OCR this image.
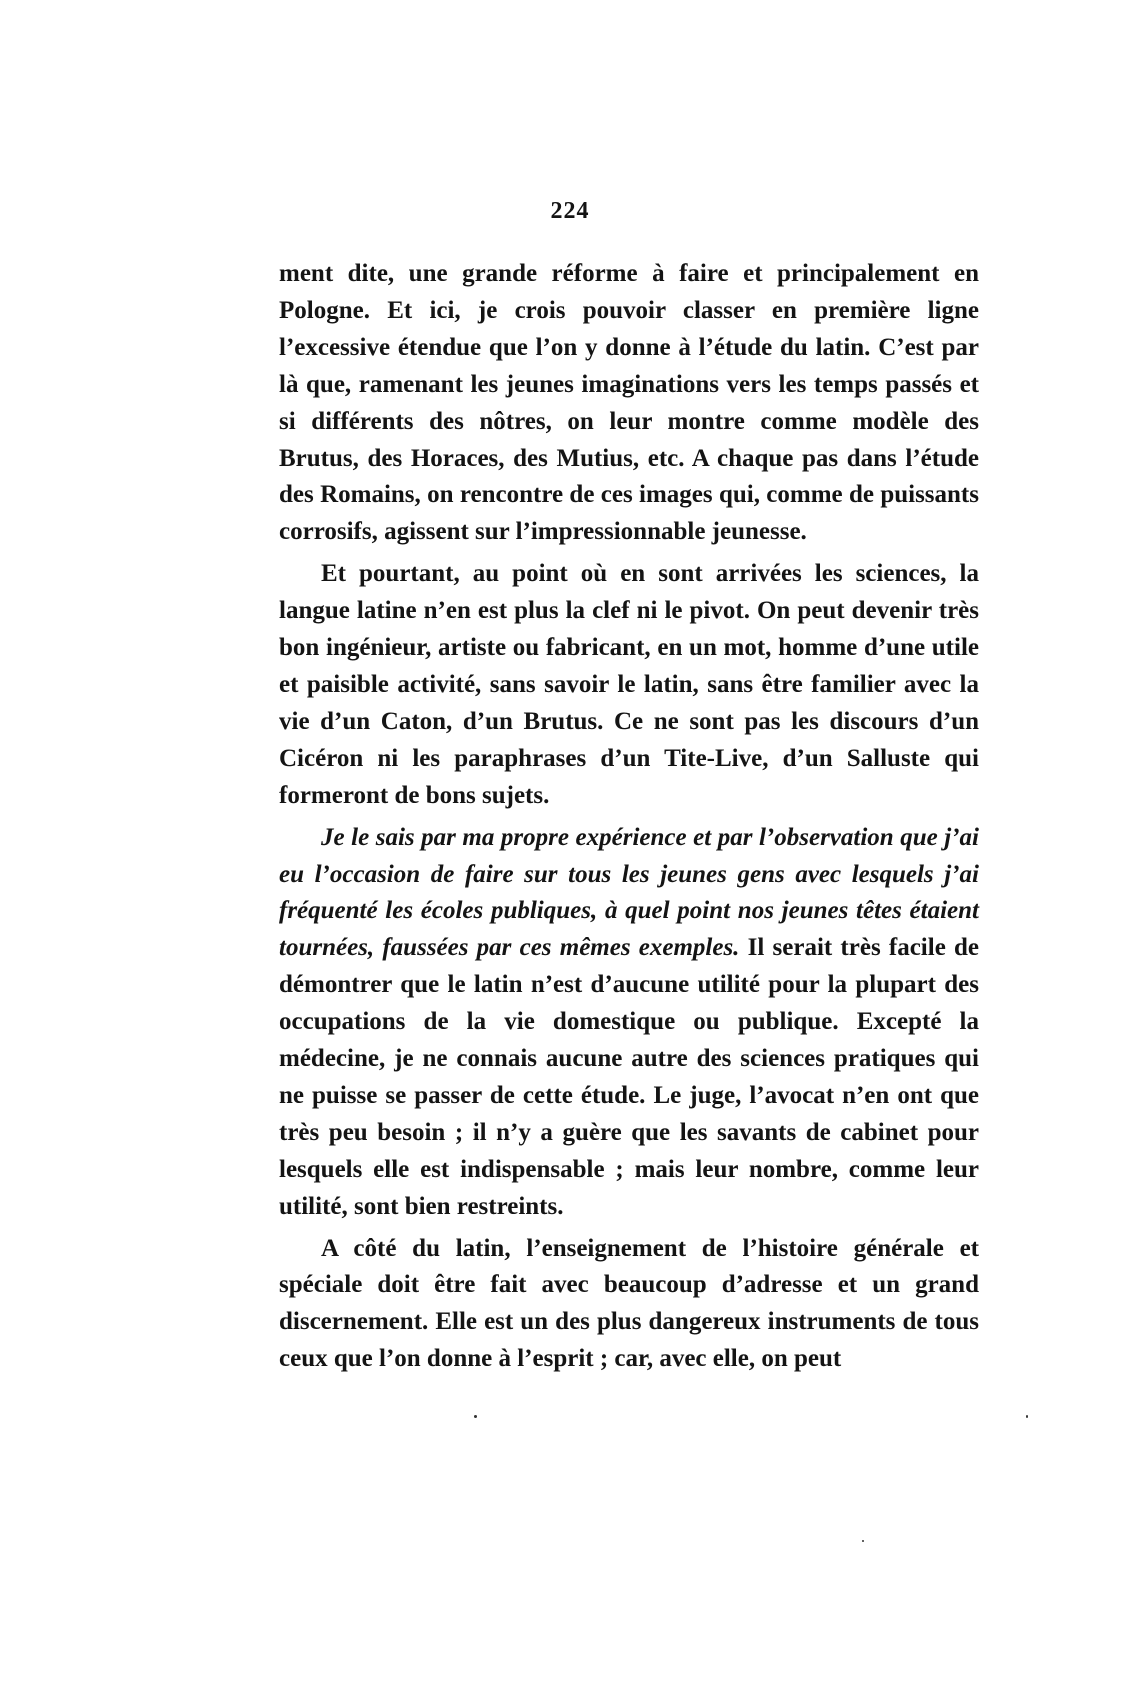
224

ment dite, une grande réforme à faire et principalement en Pologne. Et ici, je crois pouvoir classer en première ligne l’excessive étendue que l’on y donne à l’étude du latin. C’est par là que, ramenant les jeunes imaginations vers les temps passés et si différents des nôtres, on leur montre comme modèle des Brutus, des Horaces, des Mutius, etc. A chaque pas dans l’étude des Romains, on rencontre de ces images qui, comme de puissants corrosifs, agissent sur l’impressionnable jeunesse.

Et pourtant, au point où en sont arrivées les sciences, la langue latine n’en est plus la clef ni le pivot. On peut devenir très bon ingénieur, artiste ou fabricant, en un mot, homme d’une utile et paisible activité, sans savoir le latin, sans être familier avec la vie d’un Caton, d’un Brutus. Ce ne sont pas les discours d’un Cicéron ni les paraphrases d’un Tite-Live, d’un Salluste qui formeront de bons sujets.

Je le sais par ma propre expérience et par l’observation que j’ai eu l’occasion de faire sur tous les jeunes gens avec lesquels j’ai fréquenté les écoles publiques, à quel point nos jeunes têtes étaient tournées, faussées par ces mêmes exemples. Il serait très facile de démontrer que le latin n’est d’aucune utilité pour la plupart des occupations de la vie domestique ou publique. Excepté la médecine, je ne connais aucune autre des sciences pratiques qui ne puisse se passer de cette étude. Le juge, l’avocat n’en ont que très peu besoin ; il n’y a guère que les savants de cabinet pour lesquels elle est indispensable ; mais leur nombre, comme leur utilité, sont bien restreints.

A côté du latin, l’enseignement de l’histoire générale et spéciale doit être fait avec beaucoup d’adresse et un grand discernement. Elle est un des plus dangereux instruments de tous ceux que l’on donne à l’esprit ; car, avec elle, on peut
